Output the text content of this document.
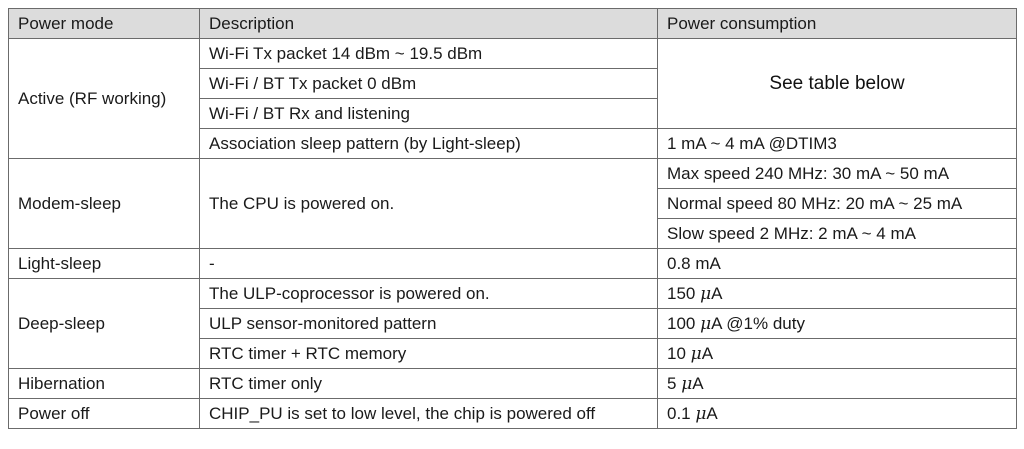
Power mode	Description	Power consumption
Active (RF working)	Wi-Fi Tx packet 14 dBm ~ 19.5 dBm	See table below
	Wi-Fi / BT Tx packet 0 dBm	
	Wi-Fi / BT Rx and listening	
	Association sleep pattern (by Light-sleep)	1 mA ~ 4 mA @DTIM3
Modem-sleep	The CPU is powered on.	Max speed 240 MHz: 30 mA ~ 50 mA
		Normal speed 80 MHz: 20 mA ~ 25 mA
		Slow speed 2 MHz: 2 mA ~ 4 mA
Light-sleep	-	0.8 mA
Deep-sleep	The ULP-coprocessor is powered on.	150 μA
	ULP sensor-monitored pattern	100 μA @1% duty
	RTC timer + RTC memory	10 μA
Hibernation	RTC timer only	5 μA
Power off	CHIP_PU is set to low level, the chip is powered off	0.1 μA
